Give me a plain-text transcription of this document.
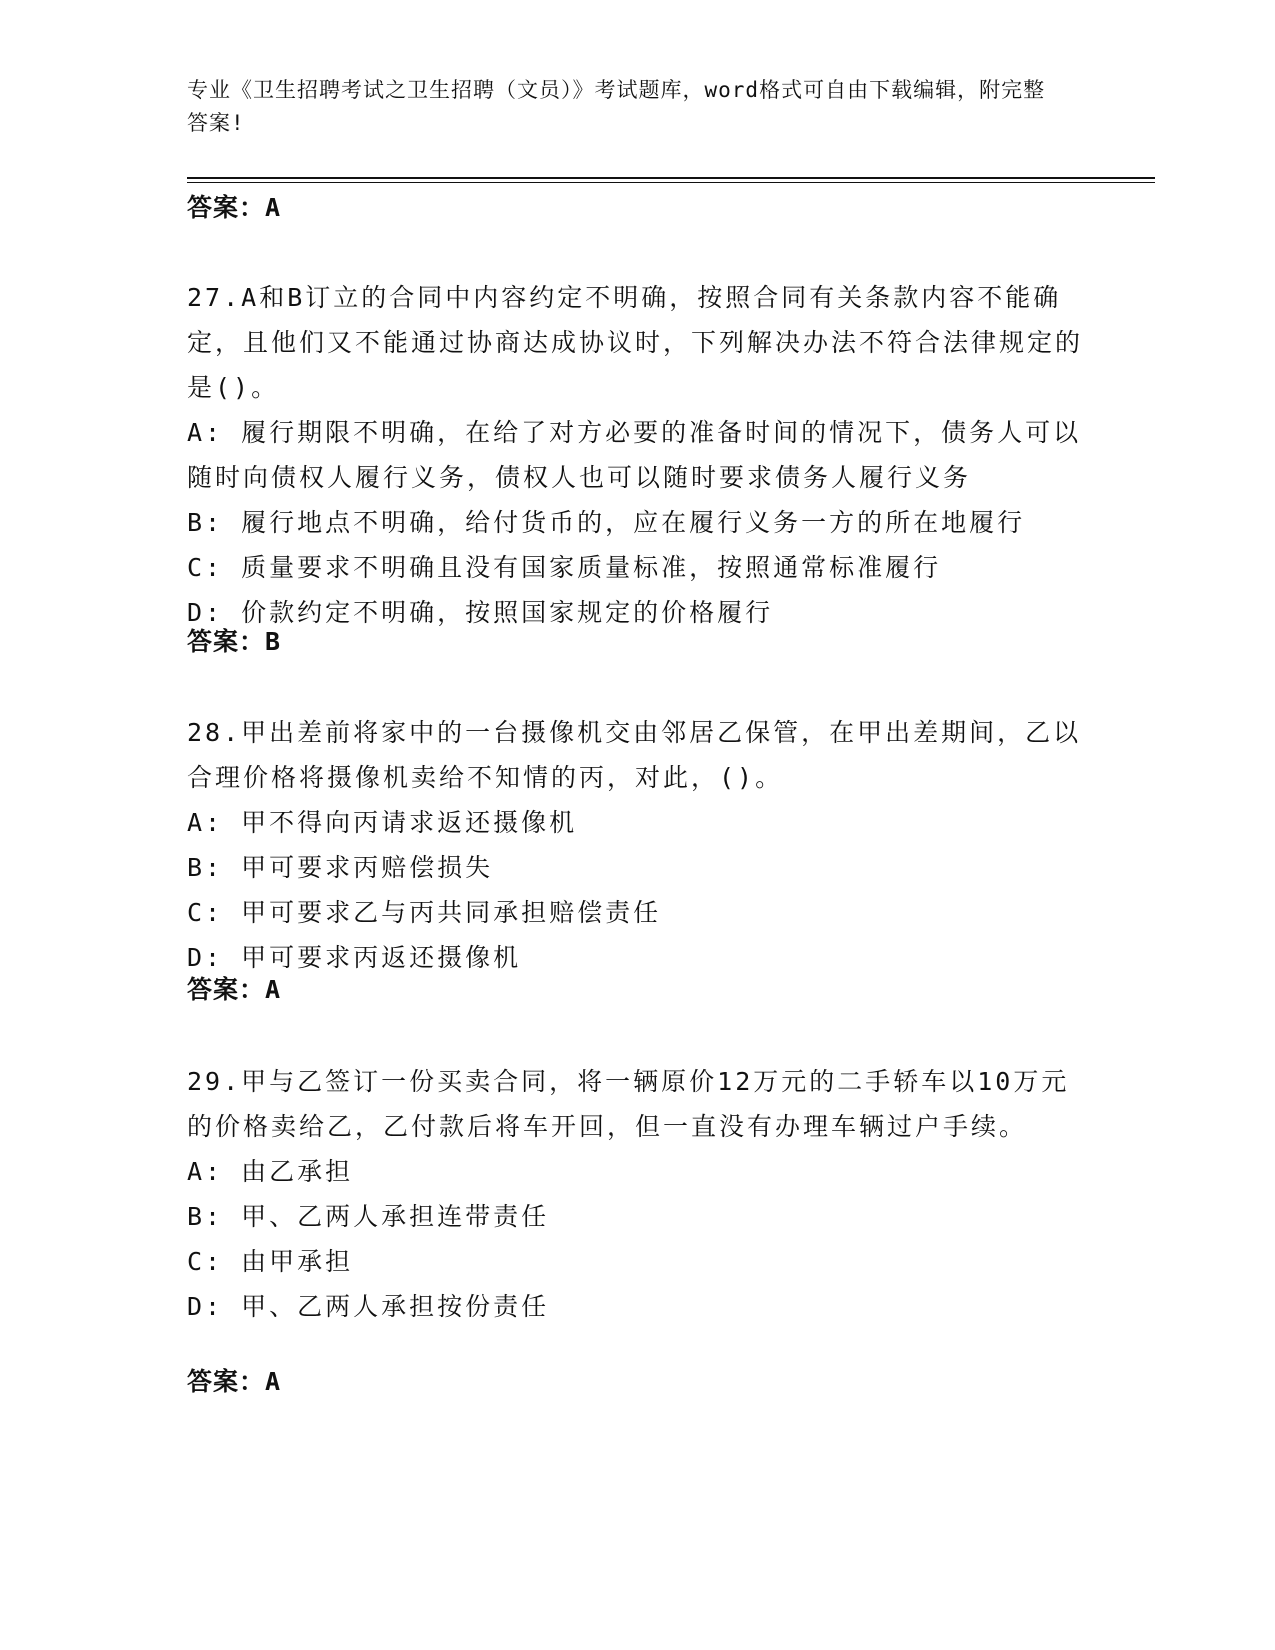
专业《卫生招聘考试之卫生招聘（文员）》考试题库，word格式可自由下载编辑，附完整答案!
答案：A

27.A和B订立的合同中内容约定不明确，按照合同有关条款内容不能确定，且他们又不能通过协商达成协议时，下列解决办法不符合法律规定的是()。

A: 履行期限不明确，在给了对方必要的准备时间的情况下，债务人可以随时向债权人履行义务，债权人也可以随时要求债务人履行义务

B: 履行地点不明确，给付货币的，应在履行义务一方的所在地履行

C: 质量要求不明确且没有国家质量标准，按照通常标准履行

D: 价款约定不明确，按照国家规定的价格履行

答案：B

28.甲出差前将家中的一台摄像机交由邻居乙保管，在甲出差期间，乙以合理价格将摄像机卖给不知情的丙，对此，()。

A: 甲不得向丙请求返还摄像机

B: 甲可要求丙赔偿损失

C: 甲可要求乙与丙共同承担赔偿责任

D: 甲可要求丙返还摄像机

答案：A

29.甲与乙签订一份买卖合同，将一辆原价12万元的二手轿车以10万元的价格卖给乙，乙付款后将车开回，但一直没有办理车辆过户手续。

A: 由乙承担

B: 甲、乙两人承担连带责任

C: 由甲承担

D: 甲、乙两人承担按份责任

答案：A
